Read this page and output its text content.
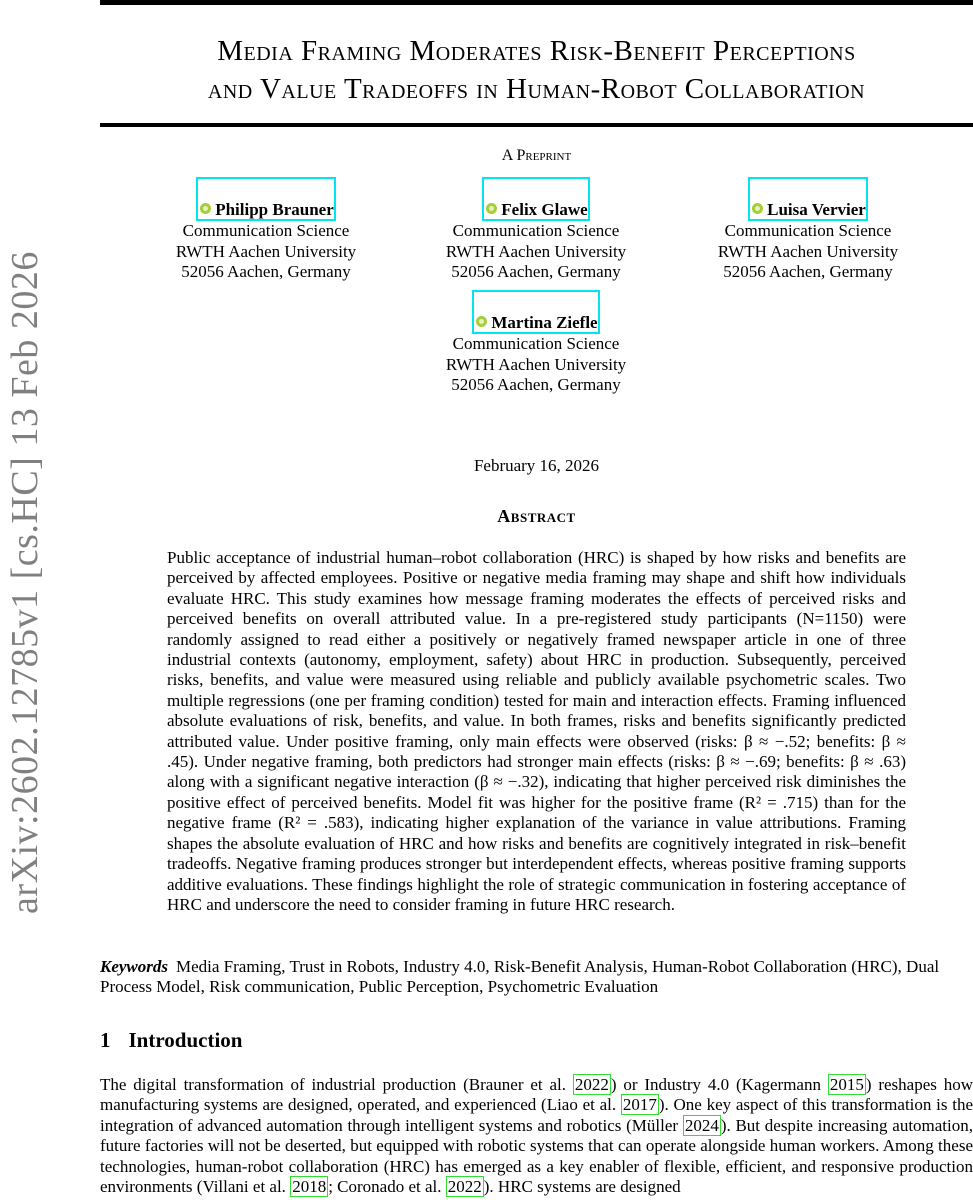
arXiv:2602.12785v1 [cs.HC] 13 Feb 2026
Media Framing Moderates Risk-Benefit Perceptions
and Value Tradeoffs in Human-Robot Collaboration
A Preprint
Philipp Brauner
Communication Science
RWTH Aachen University
52056 Aachen, Germany
Felix Glawe
Communication Science
RWTH Aachen University
52056 Aachen, Germany
Luisa Vervier
Communication Science
RWTH Aachen University
52056 Aachen, Germany
Martina Ziefle
Communication Science
RWTH Aachen University
52056 Aachen, Germany
February 16, 2026
Abstract
Public acceptance of industrial human–robot collaboration (HRC) is shaped by how risks and benefits are perceived by affected employees. Positive or negative media framing may shape and shift how individuals evaluate HRC. This study examines how message framing moderates the effects of perceived risks and perceived benefits on overall attributed value. In a pre-registered study participants (N=1150) were randomly assigned to read either a positively or negatively framed newspaper article in one of three industrial contexts (autonomy, employment, safety) about HRC in production. Subsequently, perceived risks, benefits, and value were measured using reliable and publicly available psychometric scales. Two multiple regressions (one per framing condition) tested for main and interaction effects. Framing influenced absolute evaluations of risk, benefits, and value. In both frames, risks and benefits significantly predicted attributed value. Under positive framing, only main effects were observed (risks: β ≈ −.52; benefits: β ≈ .45). Under negative framing, both predictors had stronger main effects (risks: β ≈ −.69; benefits: β ≈ .63) along with a significant negative interaction (β ≈ −.32), indicating that higher perceived risk diminishes the positive effect of perceived benefits. Model fit was higher for the positive frame (R² = .715) than for the negative frame (R² = .583), indicating higher explanation of the variance in value attributions. Framing shapes the absolute evaluation of HRC and how risks and benefits are cognitively integrated in risk–benefit tradeoffs. Negative framing produces stronger but interdependent effects, whereas positive framing supports additive evaluations. These findings highlight the role of strategic communication in fostering acceptance of HRC and underscore the need to consider framing in future HRC research.
Keywords Media Framing, Trust in Robots, Industry 4.0, Risk-Benefit Analysis, Human-Robot Collaboration (HRC), Dual Process Model, Risk communication, Public Perception, Psychometric Evaluation
1 Introduction
The digital transformation of industrial production (Brauner et al. 2022 ) or Industry 4.0 (Kagermann 2015 ) reshapes how manufacturing systems are designed, operated, and experienced (Liao et al. 2017 ). One key aspect of this transformation is the integration of advanced automation through intelligent systems and robotics (Müller 2024 ). But despite increasing automation, future factories will not be deserted, but equipped with robotic systems that can operate alongside human workers. Among these technologies, human-robot collaboration (HRC) has emerged as a key enabler of flexible, efficient, and responsive production environments (Villani et al. 2018 ; Coronado et al. 2022 ). HRC systems are designed
